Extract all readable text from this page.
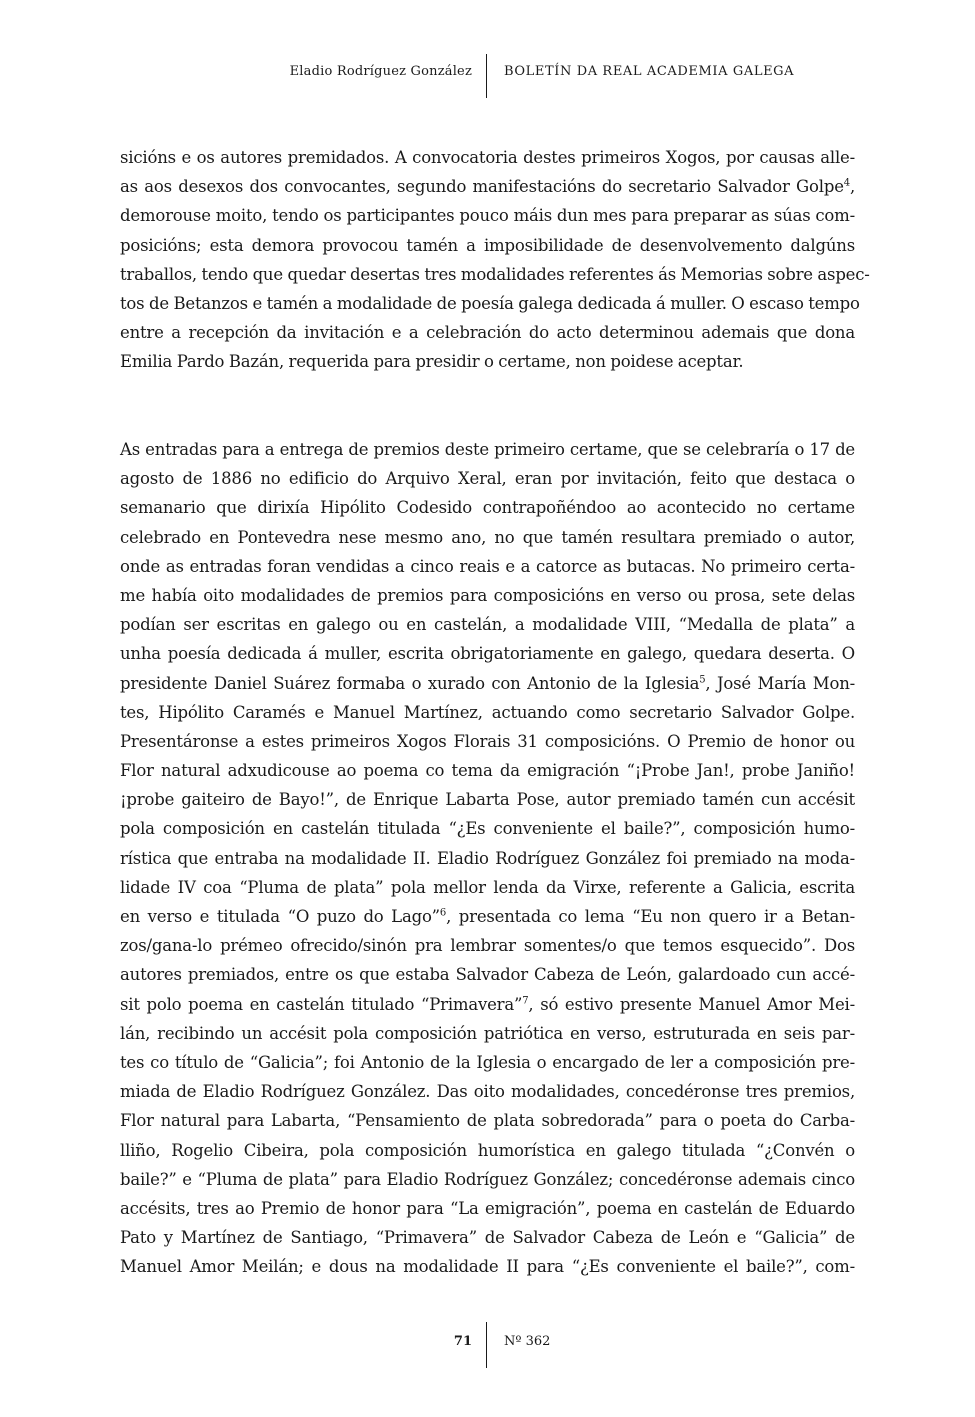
Eladio Rodríguez González BOLETÍN DA REAL ACADEMIA GALEGA
sicións e os autores premidados. A convocatoria destes primeiros Xogos, por causas alle-
as aos desexos dos convocantes, segundo manifestacións do secretario Salvador Golpe$^4$,
demorouse moito, tendo os participantes pouco máis dun mes para preparar as súas com-
posicións; esta demora provocou tamén a imposibilidade de desenvolvemento dalgúns
traballos, tendo que quedar desertas tres modalidades referentes ás Memorias sobre aspec-
tos de Betanzos e tamén a modalidade de poesía galega dedicada á muller. O escaso tempo
entre a recepción da invitación e a celebración do acto determinou ademais que dona
Emilia Pardo Bazán, requerida para presidir o certame, non poidese aceptar.
As entradas para a entrega de premios deste primeiro certame, que se celebraría o 17 de
agosto de 1886 no edificio do Arquivo Xeral, eran por invitación, feito que destaca o
semanario que dirixía Hipólito Codesido contrapoñéndoo ao acontecido no certame
celebrado en Pontevedra nese mesmo ano, no que tamén resultara premiado o autor,
onde as entradas foran vendidas a cinco reais e a catorce as butacas. No primeiro certa-
me había oito modalidades de premios para composicións en verso ou prosa, sete delas
podían ser escritas en galego ou en castelán, a modalidade VIII, “Medalla de plata” a
unha poesía dedicada á muller, escrita obrigatoriamente en galego, quedara deserta. O
presidente Daniel Suárez formaba o xurado con Antonio de la Iglesia$^5$, José María Mon-
tes, Hipólito Caramés e Manuel Martínez, actuando como secretario Salvador Golpe.
Presentáronse a estes primeiros Xogos Florais 31 composicións. O Premio de honor ou
Flor natural adxudicouse ao poema co tema da emigración “¡Probe Jan!, probe Janiño!
¡probe gaiteiro de Bayo!”, de Enrique Labarta Pose, autor premiado tamén cun accésit
pola composición en castelán titulada “¿Es conveniente el baile?”, composición humo-
rística que entraba na modalidade II. Eladio Rodríguez González foi premiado na moda-
lidade IV coa “Pluma de plata” pola mellor lenda da Virxe, referente a Galicia, escrita
en verso e titulada “O puzo do Lago”$^6$, presentada co lema “Eu non quero ir a Betan-
zos/gana-lo prémeo ofrecido/sinón pra lembrar somentes/o que temos esquecido”. Dos
autores premiados, entre os que estaba Salvador Cabeza de León, galardoado cun accé-
sit polo poema en castelán titulado “Primavera”$^7$, só estivo presente Manuel Amor Mei-
lán, recibindo un accésit pola composición patriótica en verso, estruturada en seis par-
tes co título de “Galicia”; foi Antonio de la Iglesia o encargado de ler a composición pre-
miada de Eladio Rodríguez González. Das oito modalidades, concedéronse tres premios,
Flor natural para Labarta, “Pensamiento de plata sobredorada” para o poeta do Carba-
lliño, Rogelio Cibeira, pola composición humorística en galego titulada “¿Convén o
baile?” e “Pluma de plata” para Eladio Rodríguez González; concedéronse ademais cinco
accésits, tres ao Premio de honor para “La emigración”, poema en castelán de Eduardo
Pato y Martínez de Santiago, “Primavera” de Salvador Cabeza de León e “Galicia” de
Manuel Amor Meilán; e dous na modalidade II para “¿Es conveniente el baile?”, com-
71 Nº 362
